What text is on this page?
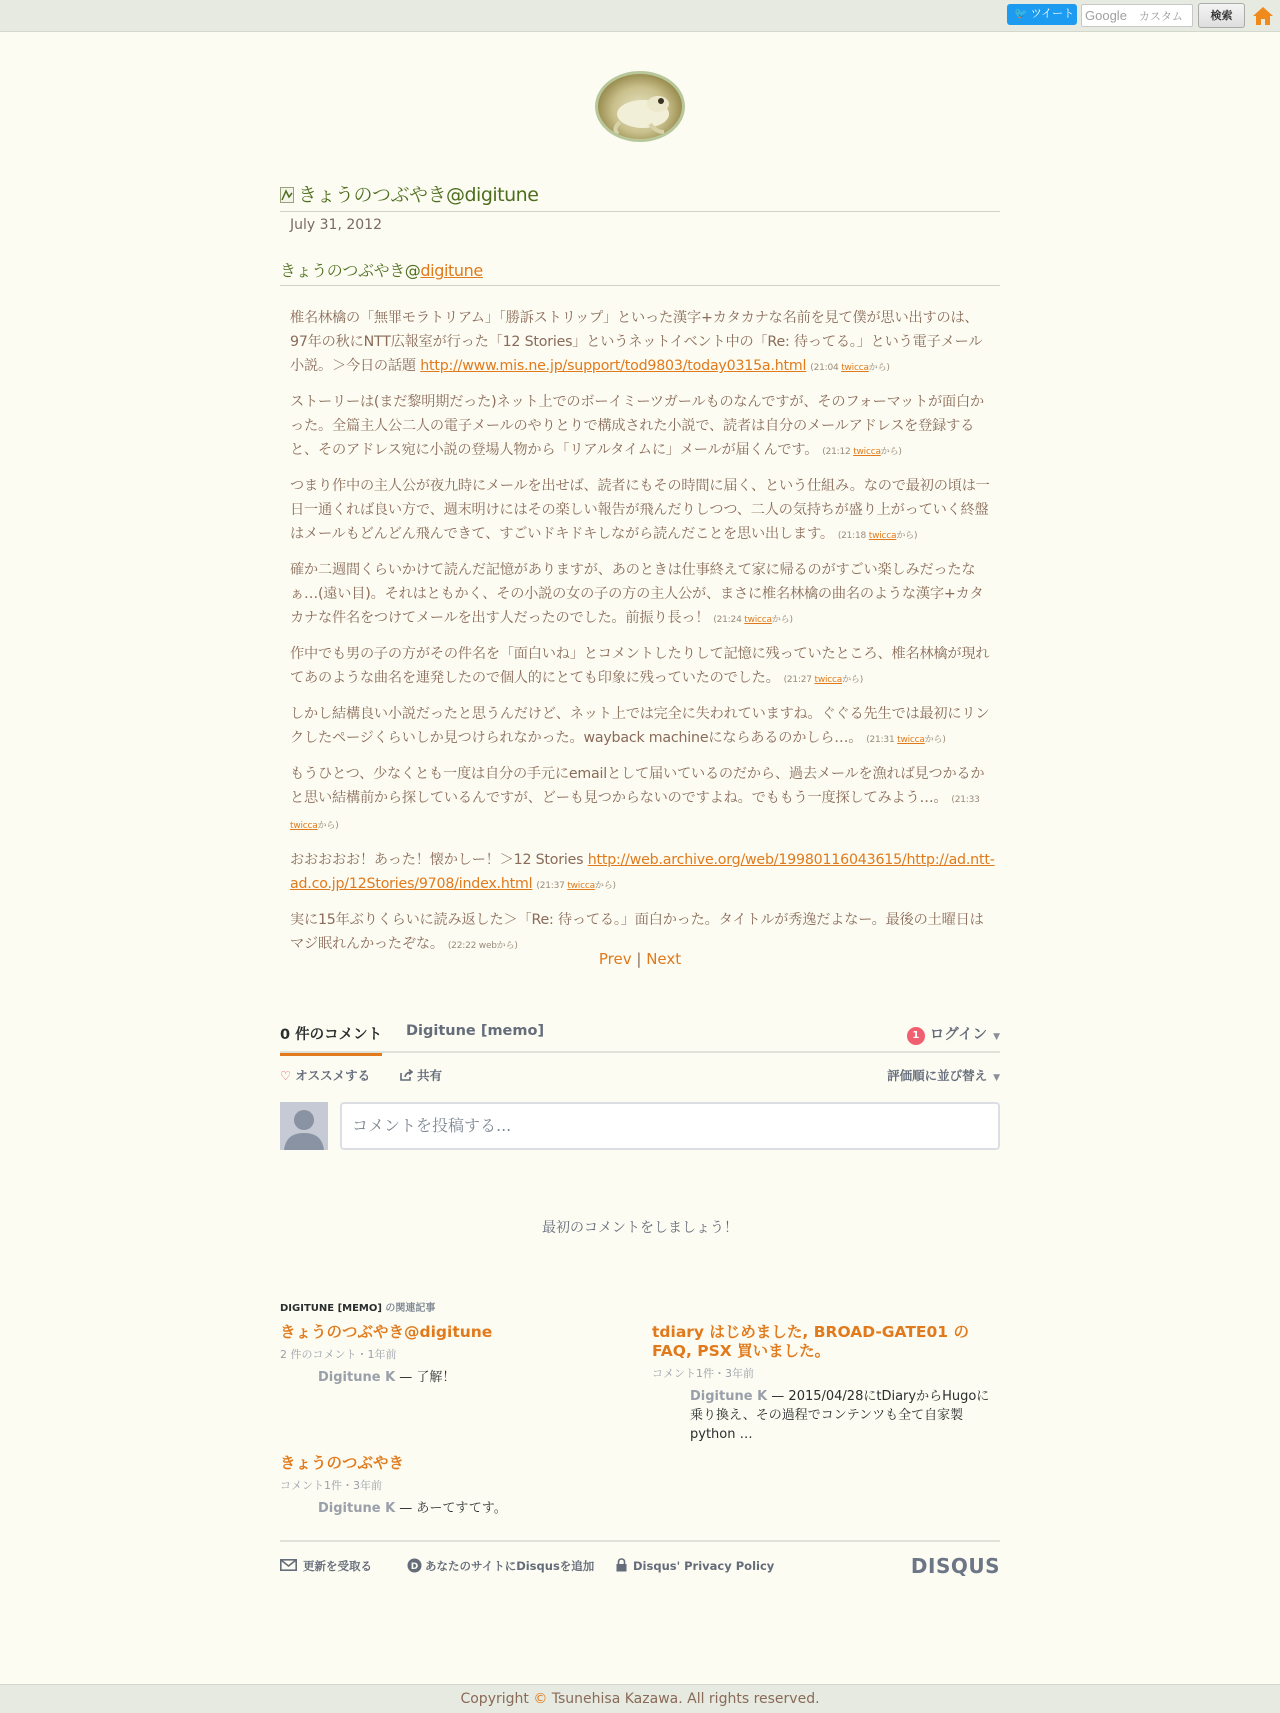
🐦 ツイート Google カスタム	検索
きょうのつぶやき@digitune
July 31, 2012
きょうのつぶやき@digitune

椎名林檎の「無罪モラトリアム」「勝訴ストリップ」といった漢字+カタカナな名前を見て僕が思い出すのは、97年の秋にNTT広報室が行った「12 Stories」というネットイベント中の「Re: 待ってる。」という電子メール小説。＞今日の話題 http://www.mis.ne.jp/support/tod9803/today0315a.html (21:04 twiccaから)

ストーリーは(まだ黎明期だった)ネット上でのボーイミーツガールものなんですが、そのフォーマットが面白かった。全篇主人公二人の電子メールのやりとりで構成された小説で、読者は自分のメールアドレスを登録すると、そのアドレス宛に小説の登場人物から「リアルタイムに」メールが届くんです。 (21:12 twiccaから)

つまり作中の主人公が夜九時にメールを出せば、読者にもその時間に届く、という仕組み。なので最初の頃は一日一通くれば良い方で、週末明けにはその楽しい報告が飛んだりしつつ、二人の気持ちが盛り上がっていく終盤はメールもどんどん飛んできて、すごいドキドキしながら読んだことを思い出します。 (21:18 twiccaから)

確か二週間くらいかけて読んだ記憶がありますが、あのときは仕事終えて家に帰るのがすごい楽しみだったなぁ…(遠い目)。それはともかく、その小説の女の子の方の主人公が、まさに椎名林檎の曲名のような漢字+カタカナな件名をつけてメールを出す人だったのでした。前振り長っ！ (21:24 twiccaから)

作中でも男の子の方がその件名を「面白いね」とコメントしたりして記憶に残っていたところ、椎名林檎が現れてあのような曲名を連発したので個人的にとても印象に残っていたのでした。 (21:27 twiccaから)

しかし結構良い小説だったと思うんだけど、ネット上では完全に失われていますね。ぐぐる先生では最初にリンクしたページくらいしか見つけられなかった。wayback machineにならあるのかしら…。 (21:31 twiccaから)

もうひとつ、少なくとも一度は自分の手元にemailとして届いているのだから、過去メールを漁れば見つかるかと思い結構前から探しているんですが、どーも見つからないのですよね。でももう一度探してみよう…。 (21:33 twiccaから)

おおおおお！あった！懐かしー！＞12 Stories http://web.archive.org/web/19980116043615/http://ad.ntt-ad.co.jp/12Stories/9708/index.html (21:37 twiccaから)

実に15年ぶりくらいに読み返した＞「Re: 待ってる。」面白かった。タイトルが秀逸だよなー。最後の土曜日はマジ眠れんかったぞな。 (22:22 webから)

Prev | Next
0 件のコメント Digitune [memo]	1 ログイン ▼
♡ オススメする	共有	評価順に並び替え ▼
コメントを投稿する...
最初のコメントをしましょう！
DIGITUNE [MEMO] の関連記事
きょうのつぶやき@digitune
2 件のコメント・1年前
Digitune K — 了解！
tdiary はじめました, BROAD-GATE01 の FAQ, PSX 買いました。
コメント1件・3年前
Digitune K — 2015/04/28にtDiaryからHugoに乗り換え、その過程でコンテンツも全て自家製python …
きょうのつぶやき
コメント1件・3年前
Digitune K — あーてすてす。
更新を受取る	D あなたのサイトにDisqusを追加	Disqus' Privacy Policy	DISQUS
Copyright © Tsunehisa Kazawa. All rights reserved.
